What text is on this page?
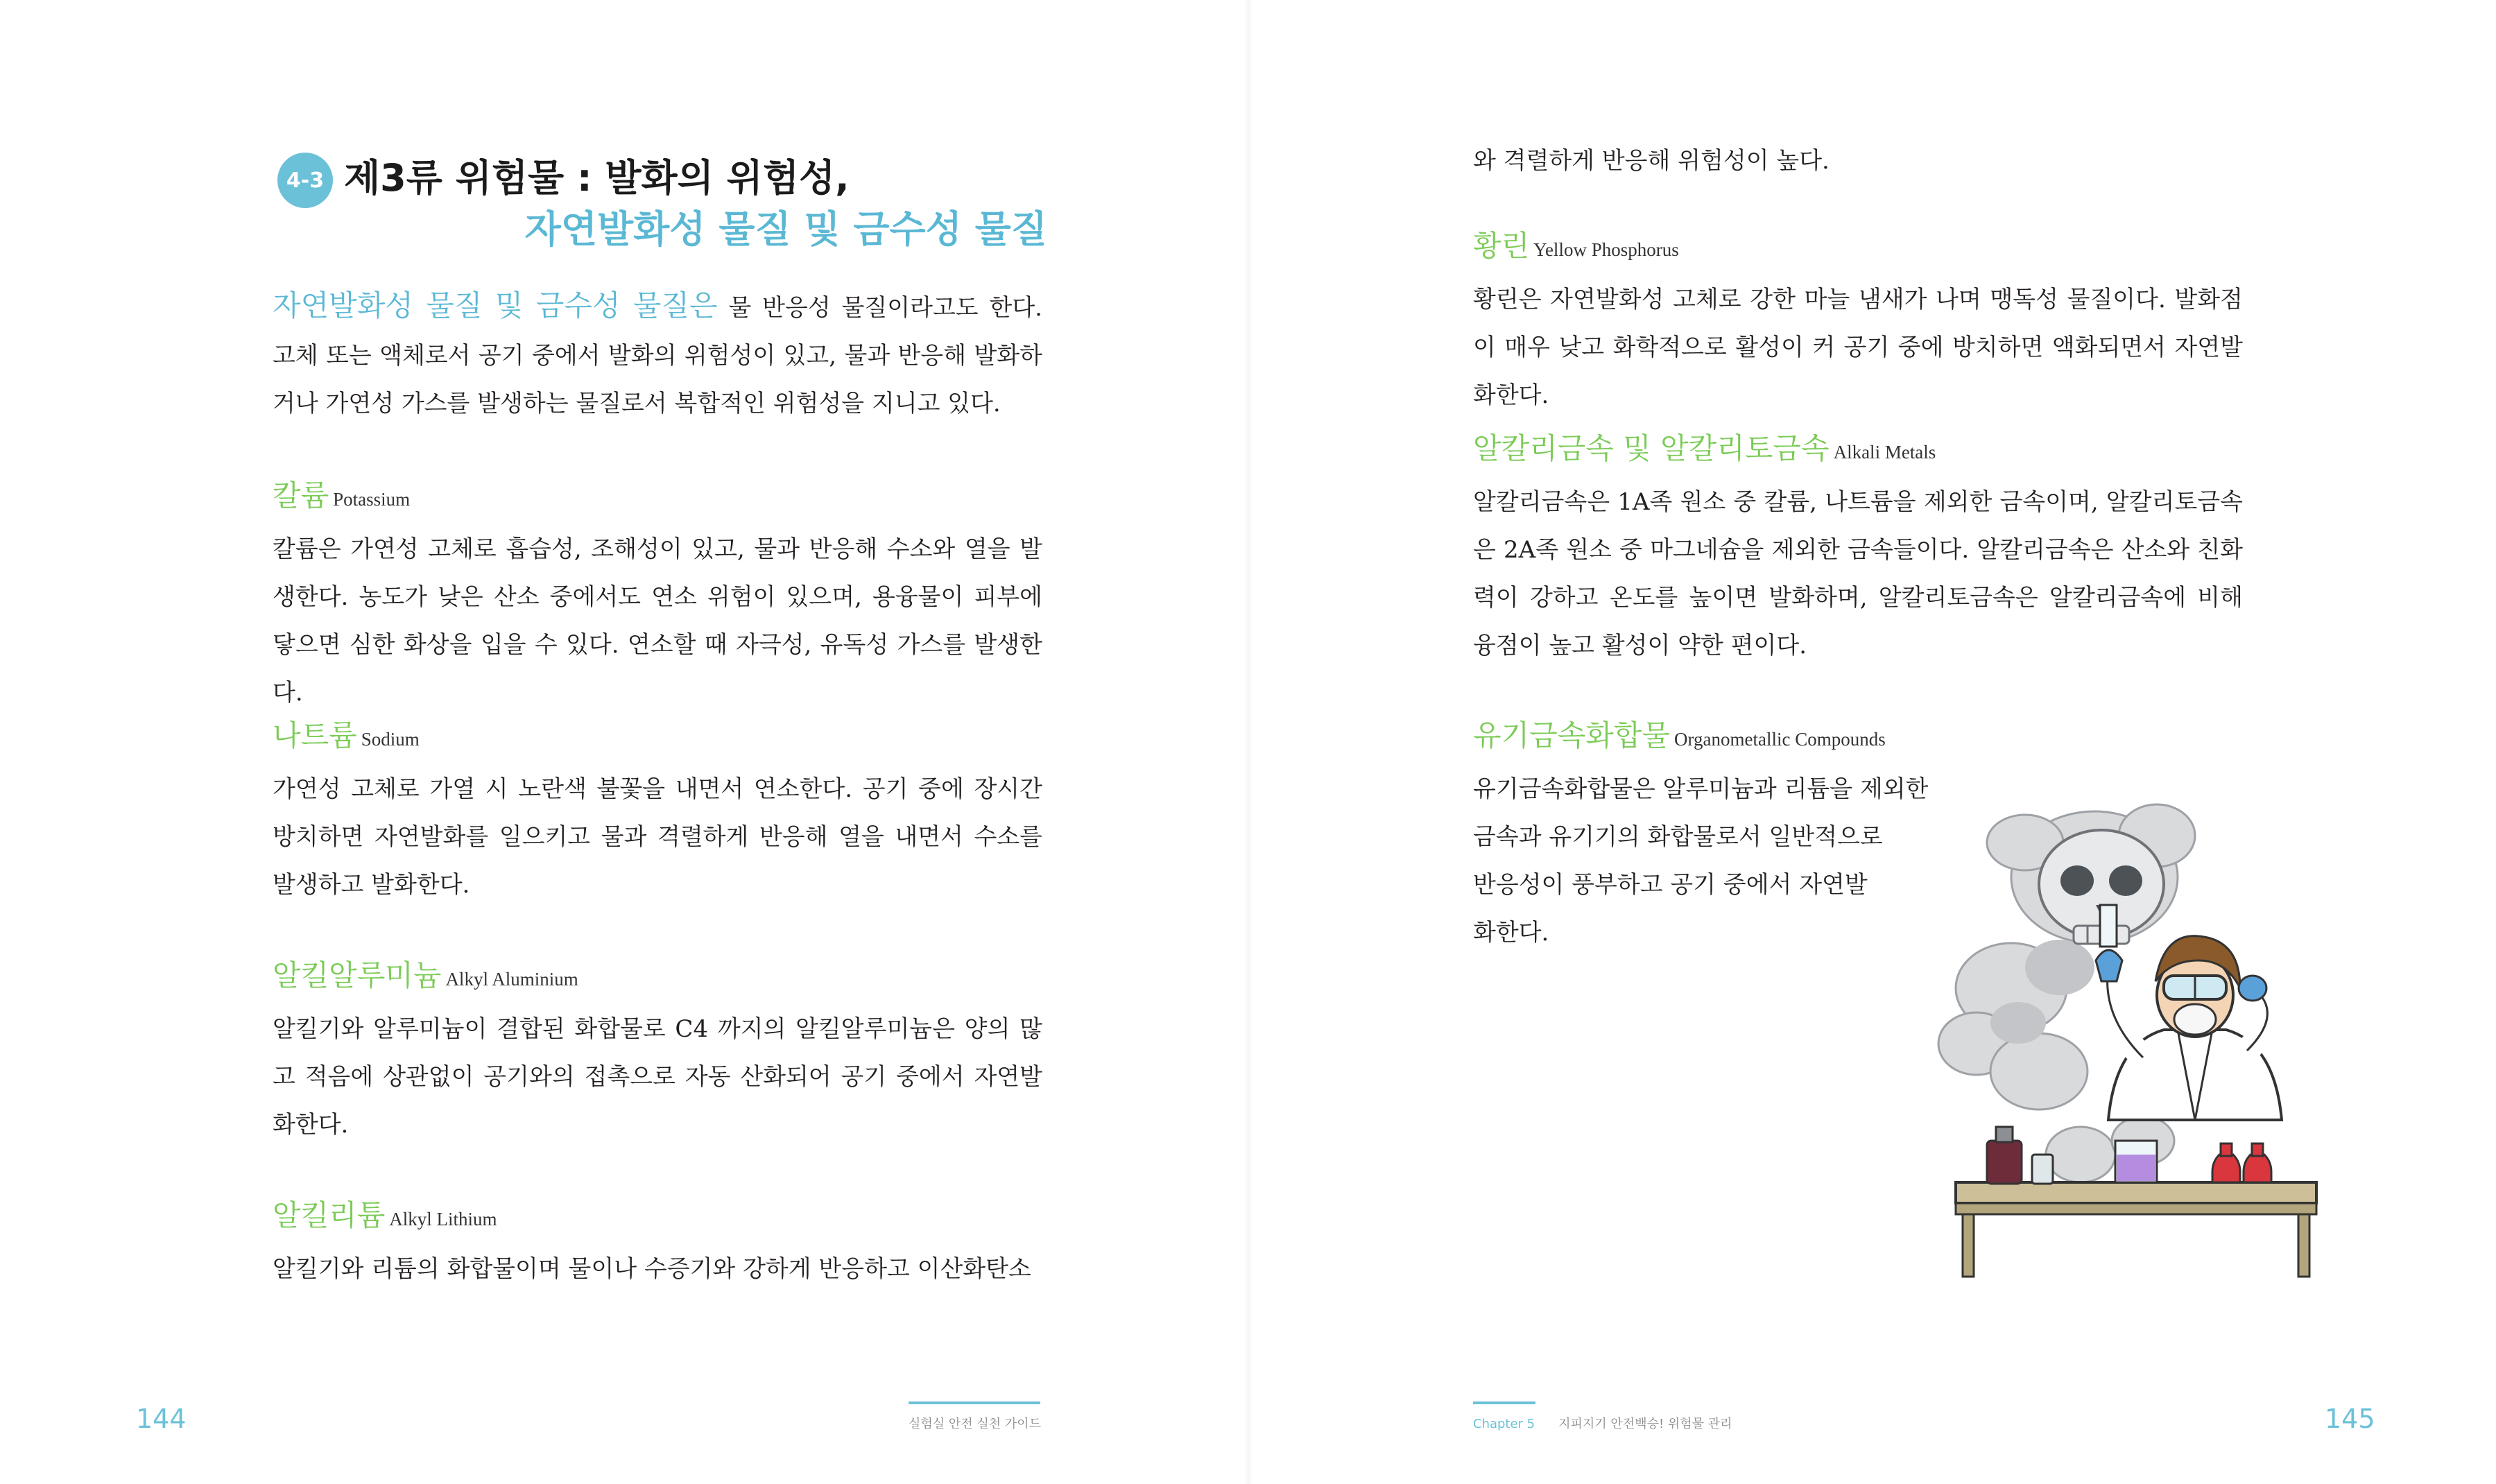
4-3 제3류 위험물 : 발화의 위험성,
자연발화성 물질 및 금수성 물질

자연발화성 물질 및 금수성 물질은 물 반응성 물질이라고도 한다. 고체 또는 액체로서 공기 중에서 발화의 위험성이 있고, 물과 반응해 발화하거나 가연성 가스를 발생하는 물질로서 복합적인 위험성을 지니고 있다.

칼륨 Potassium

칼륨은 가연성 고체로 흡습성, 조해성이 있고, 물과 반응해 수소와 열을 발생한다. 농도가 낮은 산소 중에서도 연소 위험이 있으며, 용융물이 피부에 닿으면 심한 화상을 입을 수 있다. 연소할 때 자극성, 유독성 가스를 발생한다.

나트륨 Sodium

가연성 고체로 가열 시 노란색 불꽃을 내면서 연소한다. 공기 중에 장시간 방치하면 자연발화를 일으키고 물과 격렬하게 반응해 열을 내면서 수소를 발생하고 발화한다.

알킬알루미늄 Alkyl Aluminium

알킬기와 알루미늄이 결합된 화합물로 C4 까지의 알킬알루미늄은 양의 많고 적음에 상관없이 공기와의 접촉으로 자동 산화되어 공기 중에서 자연발화한다.

알킬리튬 Alkyl Lithium

알킬기와 리튬의 화합물이며 물이나 수증기와 강하게 반응하고 이산화탄소

와 격렬하게 반응해 위험성이 높다.

황린 Yellow Phosphorus

황린은 자연발화성 고체로 강한 마늘 냄새가 나며 맹독성 물질이다. 발화점이 매우 낮고 화학적으로 활성이 커 공기 중에 방치하면 액화되면서 자연발화한다.

알칼리금속 및 알칼리토금속 Alkali Metals

알칼리금속은 1A족 원소 중 칼륨, 나트륨을 제외한 금속이며, 알칼리토금속은 2A족 원소 중 마그네슘을 제외한 금속들이다. 알칼리금속은 산소와 친화력이 강하고 온도를 높이면 발화하며, 알칼리토금속은 알칼리금속에 비해 융점이 높고 활성이 약한 편이다.

유기금속화합물 Organometallic Compounds

유기금속화합물은 알루미늄과 리튬을 제외한
금속과 유기기의 화합물로서 일반적으로
반응성이 풍부하고 공기 중에서 자연발
화한다.

144	실험실 안전 실천 가이드	Chapter 5 지피지기 안전백승! 위험물 관리	145
